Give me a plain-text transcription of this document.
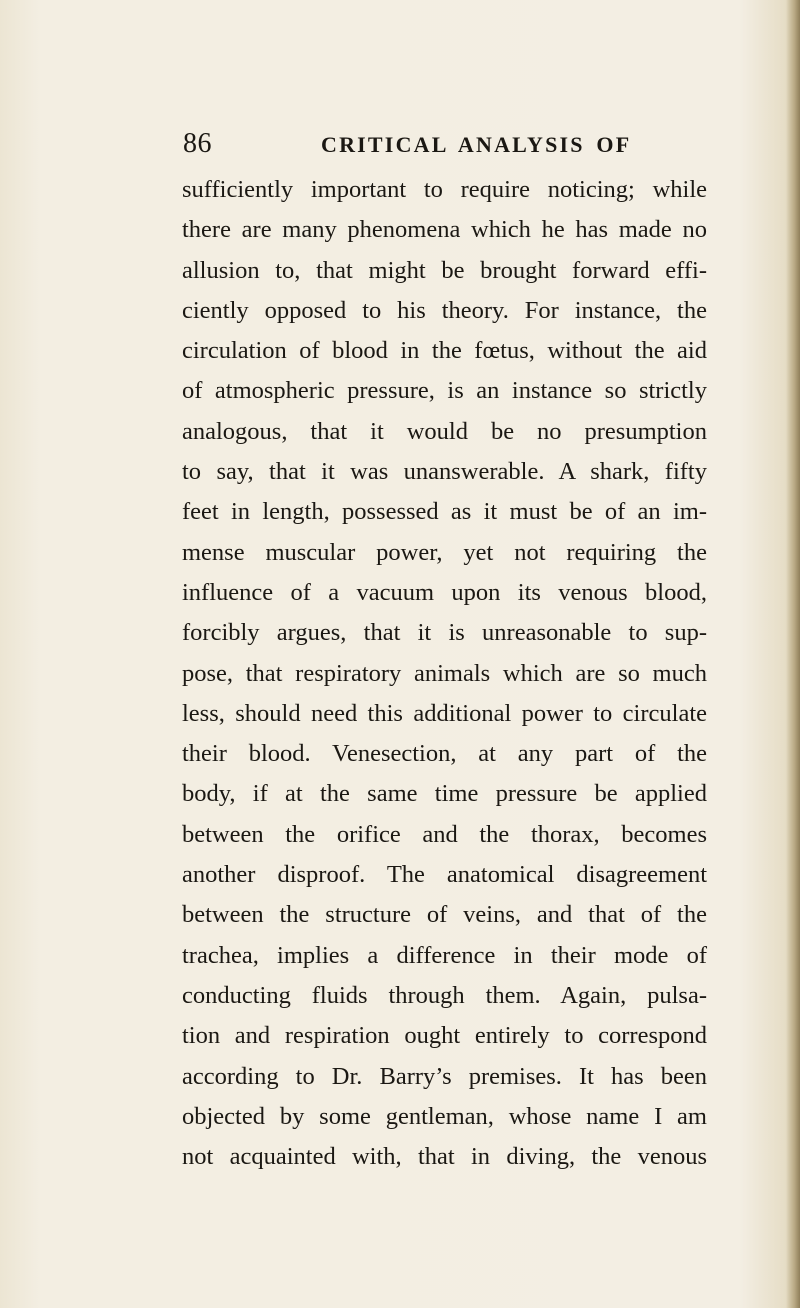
86	CRITICAL ANALYSIS OF
sufficiently important to require noticing; while
there are many phenomena which he has made no
allusion to, that might be brought forward effi-
ciently opposed to his theory. For instance, the
circulation of blood in the fœtus, without the aid
of atmospheric pressure, is an instance so strictly
analogous, that it would be no presumption
to say, that it was unanswerable. A shark, fifty
feet in length, possessed as it must be of an im-
mense muscular power, yet not requiring the
influence of a vacuum upon its venous blood,
forcibly argues, that it is unreasonable to sup-
pose, that respiratory animals which are so much
less, should need this additional power to circulate
their blood. Venesection, at any part of the
body, if at the same time pressure be applied
between the orifice and the thorax, becomes
another disproof. The anatomical disagreement
between the structure of veins, and that of the
trachea, implies a difference in their mode of
conducting fluids through them. Again, pulsa-
tion and respiration ought entirely to correspond
according to Dr. Barry’s premises. It has been
objected by some gentleman, whose name I am
not acquainted with, that in diving, the venous
